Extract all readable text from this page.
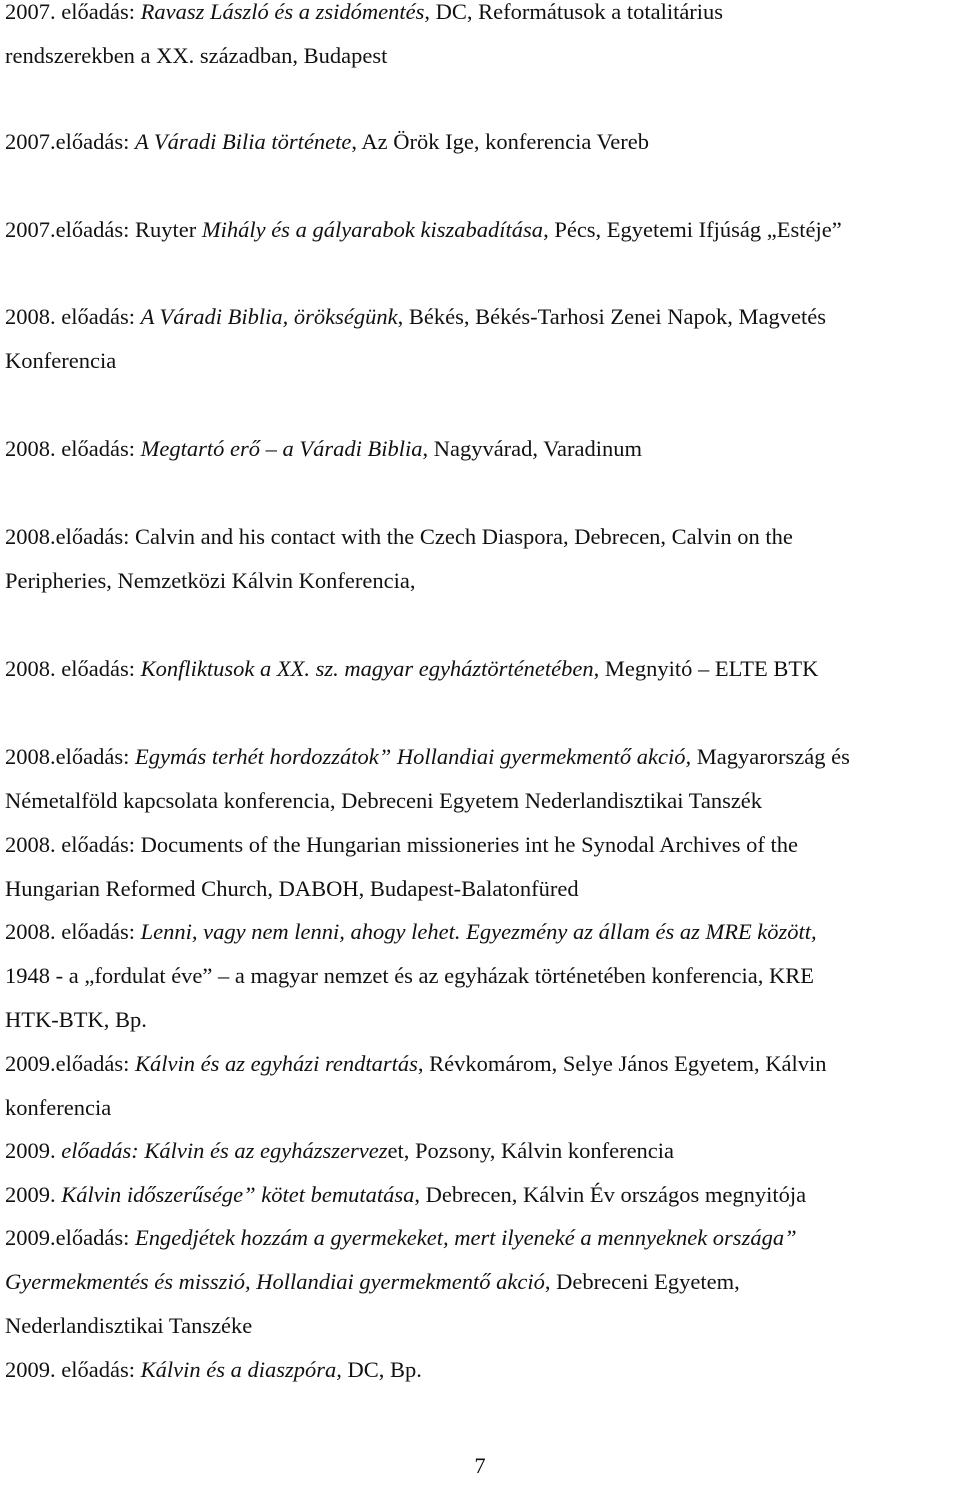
2007. előadás: Ravasz László és a zsidómentés, DC, Reformátusok a totalitárius
rendszerekben a XX. században, Budapest
2007.előadás: A Váradi Bilia története, Az Örök Ige, konferencia Vereb
2007.előadás: Ruyter Mihály és a gályarabok kiszabadítása, Pécs, Egyetemi Ifjúság „Estéje”
2008. előadás: A Váradi Biblia, örökségünk, Békés, Békés-Tarhosi Zenei Napok, Magvetés
Konferencia
2008. előadás: Megtartó erő – a Váradi Biblia, Nagyvárad, Varadinum
2008.előadás: Calvin and his contact with the Czech Diaspora, Debrecen, Calvin on the
Peripheries, Nemzetközi Kálvin Konferencia,
2008. előadás: Konfliktusok a XX. sz. magyar egyháztörténetében, Megnyitó – ELTE BTK
2008.előadás: Egymás terhét hordozzátok” Hollandiai gyermekmentő akció, Magyarország és
Németalföld kapcsolata konferencia, Debreceni Egyetem Nederlandisztikai Tanszék
2008. előadás: Documents of the Hungarian missioneries int he Synodal Archives of the
Hungarian Reformed Church, DABOH, Budapest-Balatonfüred
2008. előadás: Lenni, vagy nem lenni, ahogy lehet. Egyezmény az állam és az MRE között,
1948 - a „fordulat éve” – a magyar nemzet és az egyházak történetében konferencia, KRE
HTK-BTK, Bp.
2009.előadás: Kálvin és az egyházi rendtartás, Révkomárom, Selye János Egyetem, Kálvin
konferencia
2009. előadás: Kálvin és az egyházszervezet, Pozsony, Kálvin konferencia
2009. Kálvin időszerűsége” kötet bemutatása, Debrecen, Kálvin Év országos megnyitója
2009.előadás: Engedjétek hozzám a gyermekeket, mert ilyeneké a mennyeknek országa”
Gyermekmentés és misszió, Hollandiai gyermekmentő akció, Debreceni Egyetem,
Nederlandisztikai Tanszéke
2009. előadás: Kálvin és a diaszpóra, DC, Bp.
7
